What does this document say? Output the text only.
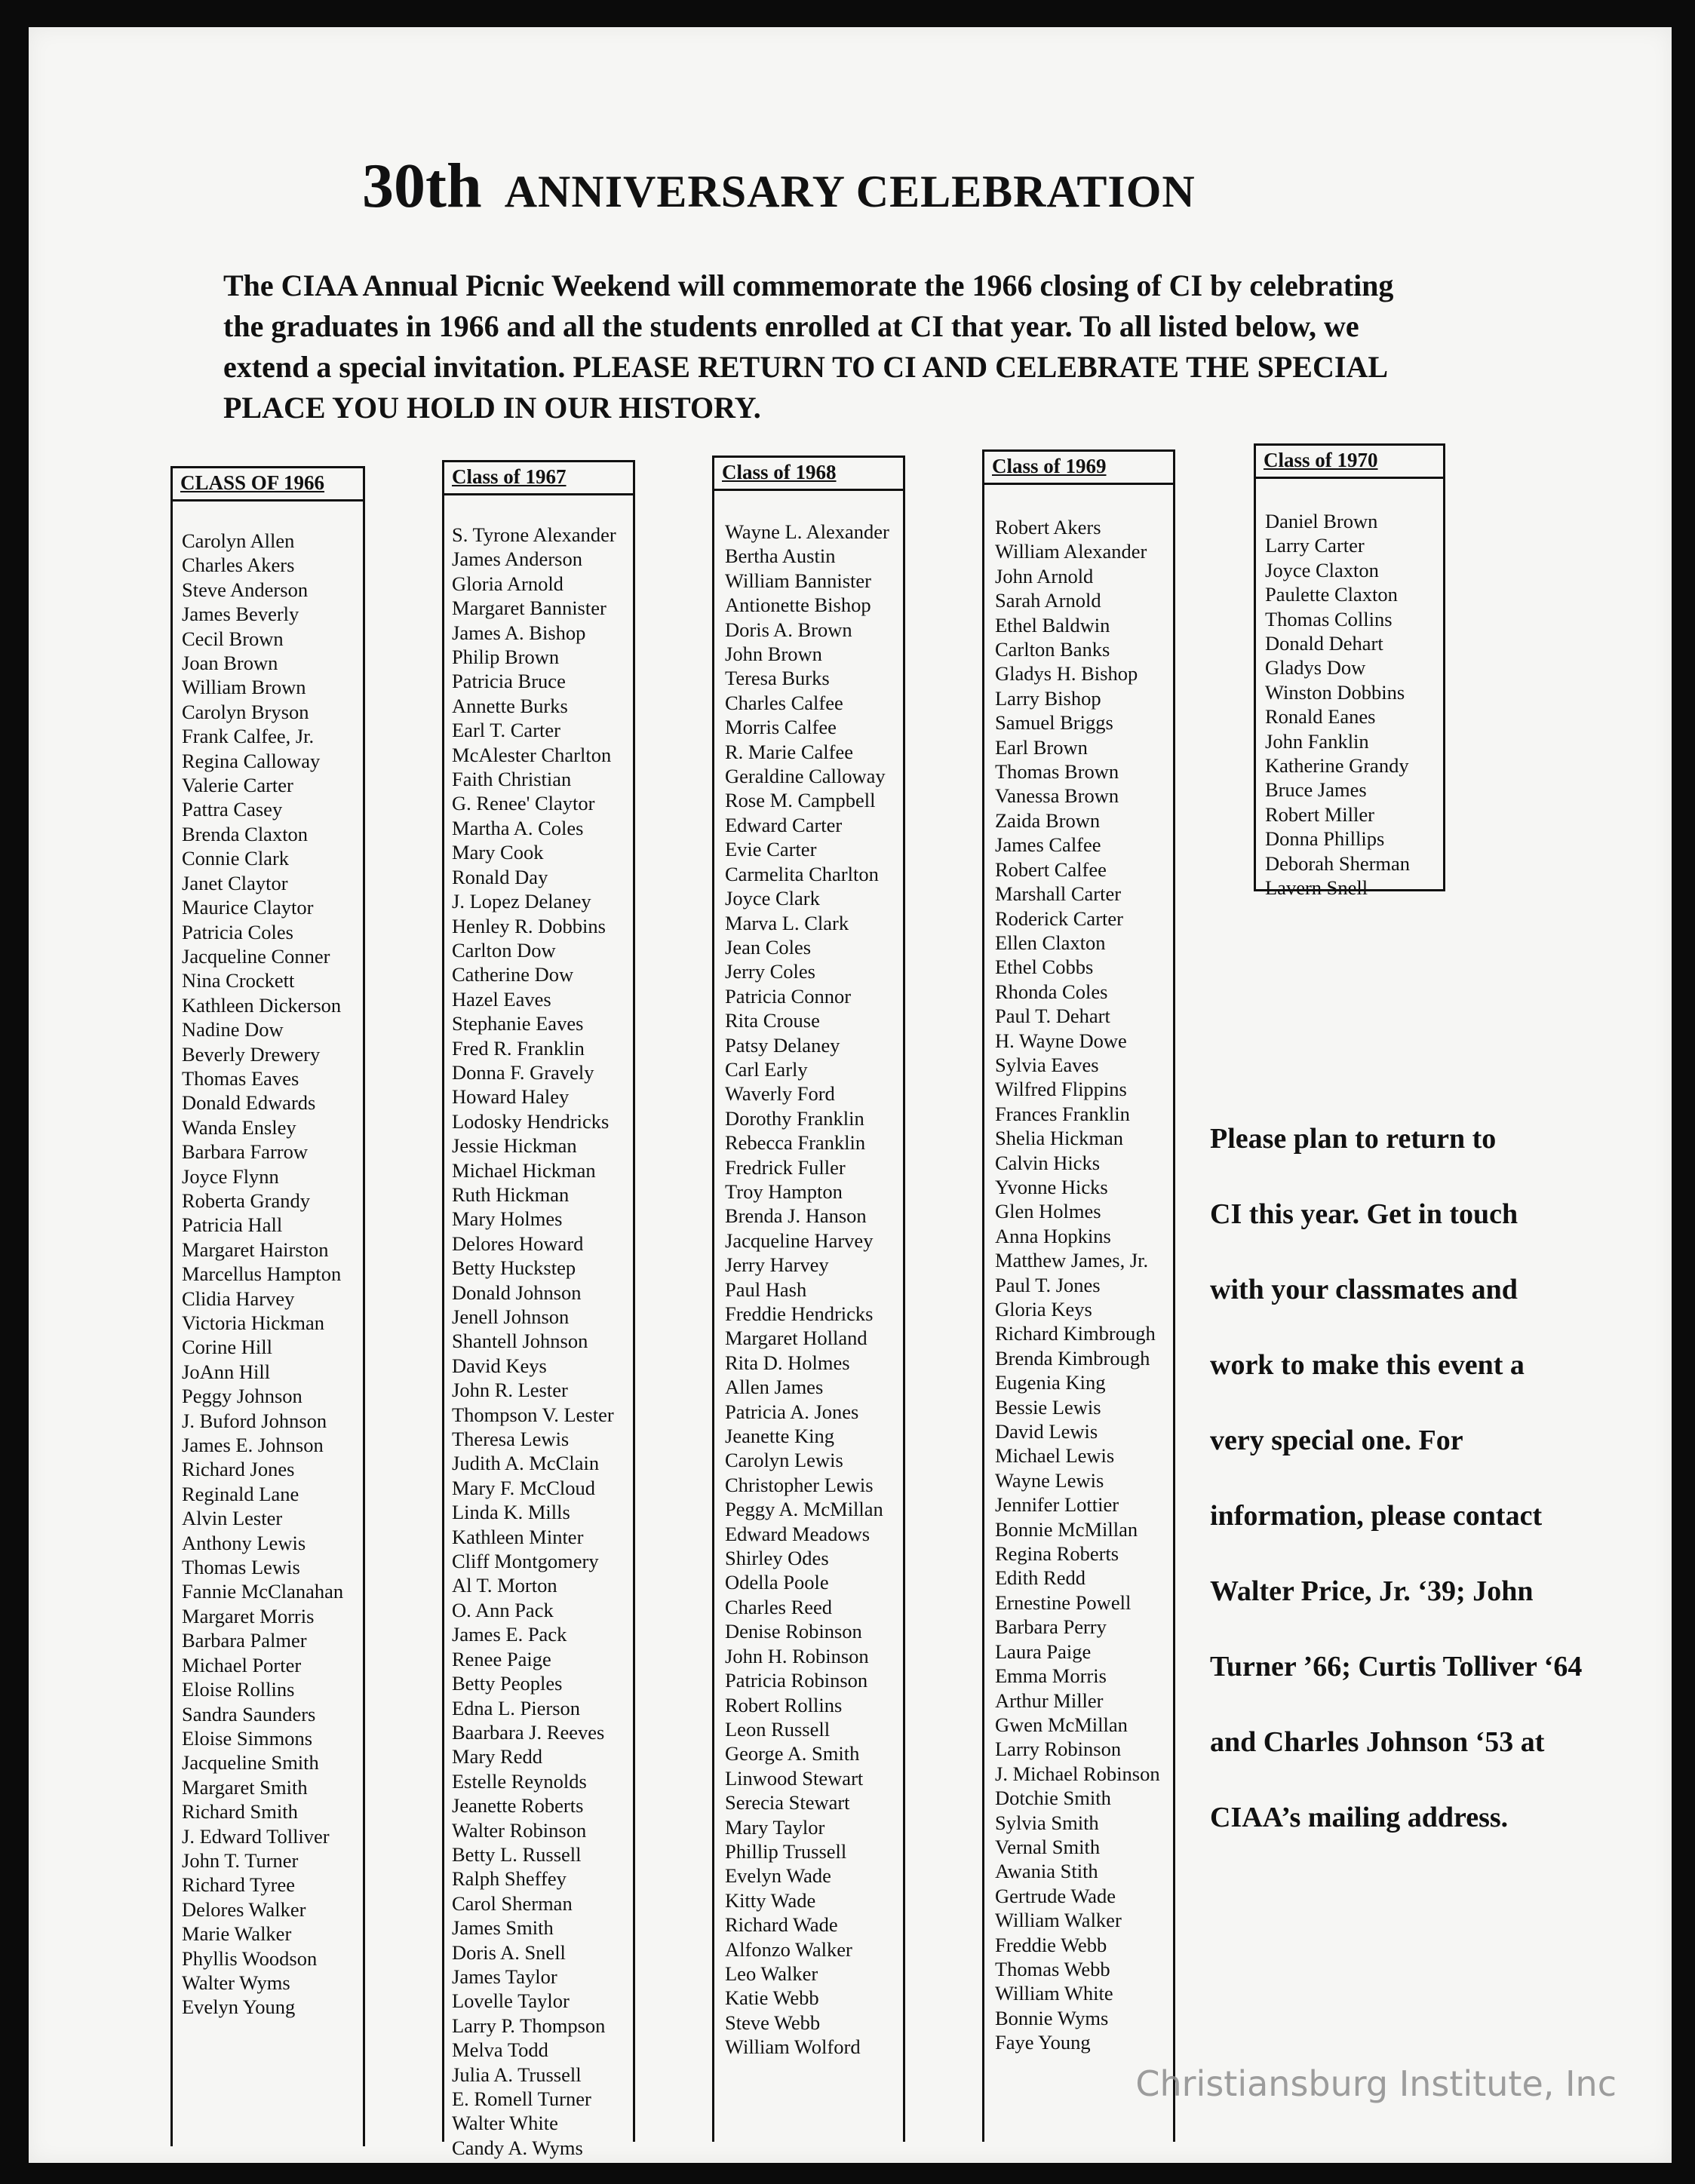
30th ANNIVERSARY CELEBRATION

The CIAA Annual Picnic Weekend will commemorate the 1966 closing of CI by celebrating the graduates in 1966 and all the students enrolled at CI that year. To all listed below, we extend a special invitation. PLEASE RETURN TO CI AND CELEBRATE THE SPECIAL PLACE YOU HOLD IN OUR HISTORY.

CLASS OF 1966
Carolyn Allen
Charles Akers
Steve Anderson
James Beverly
Cecil Brown
Joan Brown
William Brown
Carolyn Bryson
Frank Calfee, Jr.
Regina Calloway
Valerie Carter
Pattra Casey
Brenda Claxton
Connie Clark
Janet Claytor
Maurice Claytor
Patricia Coles
Jacqueline Conner
Nina Crockett
Kathleen Dickerson
Nadine Dow
Beverly Drewery
Thomas Eaves
Donald Edwards
Wanda Ensley
Barbara Farrow
Joyce Flynn
Roberta Grandy
Patricia Hall
Margaret Hairston
Marcellus Hampton
Clidia Harvey
Victoria Hickman
Corine Hill
JoAnn Hill
Peggy Johnson
J. Buford Johnson
James E. Johnson
Richard Jones
Reginald Lane
Alvin Lester
Anthony Lewis
Thomas Lewis
Fannie McClanahan
Margaret Morris
Barbara Palmer
Michael Porter
Eloise Rollins
Sandra Saunders
Eloise Simmons
Jacqueline Smith
Margaret Smith
Richard Smith
J. Edward Tolliver
John T. Turner
Richard Tyree
Delores Walker
Marie Walker
Phyllis Woodson
Walter Wyms
Evelyn Young
Class of 1967
S. Tyrone Alexander
James Anderson
Gloria Arnold
Margaret Bannister
James A. Bishop
Philip Brown
Patricia Bruce
Annette Burks
Earl T. Carter
McAlester Charlton
Faith Christian
G. Renee' Claytor
Martha A. Coles
Mary Cook
Ronald Day
J. Lopez Delaney
Henley R. Dobbins
Carlton Dow
Catherine Dow
Hazel Eaves
Stephanie Eaves
Fred R. Franklin
Donna F. Gravely
Howard Haley
Lodosky Hendricks
Jessie Hickman
Michael Hickman
Ruth Hickman
Mary Holmes
Delores Howard
Betty Huckstep
Donald Johnson
Jenell Johnson
Shantell Johnson
David Keys
John R. Lester
Thompson V. Lester
Theresa Lewis
Judith A. McClain
Mary F. McCloud
Linda K. Mills
Kathleen Minter
Cliff Montgomery
Al T. Morton
O. Ann Pack
James E. Pack
Renee Paige
Betty Peoples
Edna L. Pierson
Baarbara J. Reeves
Mary Redd
Estelle Reynolds
Jeanette Roberts
Walter Robinson
Betty L. Russell
Ralph Sheffey
Carol Sherman
James Smith
Doris A. Snell
James Taylor
Lovelle Taylor
Larry P. Thompson
Melva Todd
Julia A. Trussell
E. Romell Turner
Walter White
Candy A. Wyms
Class of 1968
Wayne L. Alexander
Bertha Austin
William Bannister
Antionette Bishop
Doris A. Brown
John Brown
Teresa Burks
Charles Calfee
Morris Calfee
R. Marie Calfee
Geraldine Calloway
Rose M. Campbell
Edward Carter
Evie Carter
Carmelita Charlton
Joyce Clark
Marva L. Clark
Jean Coles
Jerry Coles
Patricia Connor
Rita Crouse
Patsy Delaney
Carl Early
Waverly Ford
Dorothy Franklin
Rebecca Franklin
Fredrick Fuller
Troy Hampton
Brenda J. Hanson
Jacqueline Harvey
Jerry Harvey
Paul Hash
Freddie Hendricks
Margaret Holland
Rita D. Holmes
Allen James
Patricia A. Jones
Jeanette King
Carolyn Lewis
Christopher Lewis
Peggy A. McMillan
Edward Meadows
Shirley Odes
Odella Poole
Charles Reed
Denise Robinson
John H. Robinson
Patricia Robinson
Robert Rollins
Leon Russell
George A. Smith
Linwood Stewart
Serecia Stewart
Mary Taylor
Phillip Trussell
Evelyn Wade
Kitty Wade
Richard Wade
Alfonzo Walker
Leo Walker
Katie Webb
Steve Webb
William Wolford
Class of 1969
Robert Akers
William Alexander
John Arnold
Sarah Arnold
Ethel Baldwin
Carlton Banks
Gladys H. Bishop
Larry Bishop
Samuel Briggs
Earl Brown
Thomas Brown
Vanessa Brown
Zaida Brown
James Calfee
Robert Calfee
Marshall Carter
Roderick Carter
Ellen Claxton
Ethel Cobbs
Rhonda Coles
Paul T. Dehart
H. Wayne Dowe
Sylvia Eaves
Wilfred Flippins
Frances Franklin
Shelia Hickman
Calvin Hicks
Yvonne Hicks
Glen Holmes
Anna Hopkins
Matthew James, Jr.
Paul T. Jones
Gloria Keys
Richard Kimbrough
Brenda Kimbrough
Eugenia King
Bessie Lewis
David Lewis
Michael Lewis
Wayne Lewis
Jennifer Lottier
Bonnie McMillan
Regina Roberts
Edith Redd
Ernestine Powell
Barbara Perry
Laura Paige
Emma Morris
Arthur Miller
Gwen McMillan
Larry Robinson
J. Michael Robinson
Dotchie Smith
Sylvia Smith
Vernal Smith
Awania Stith
Gertrude Wade
William Walker
Freddie Webb
Thomas Webb
William White
Bonnie Wyms
Faye Young
Class of 1970
Daniel Brown
Larry Carter
Joyce Claxton
Paulette Claxton
Thomas Collins
Donald Dehart
Gladys Dow
Winston Dobbins
Ronald Eanes
John Fanklin
Katherine Grandy
Bruce James
Robert Miller
Donna Phillips
Deborah Sherman
Lavern Snell
Please plan to return to
CI this year. Get in touch
with your classmates and
work to make this event a
very special one. For
information, please contact
Walter Price, Jr. ‘39; John
Turner ’66; Curtis Tolliver ‘64
and Charles Johnson ‘53 at
CIAA’s mailing address.
Christiansburg Institute, Inc
